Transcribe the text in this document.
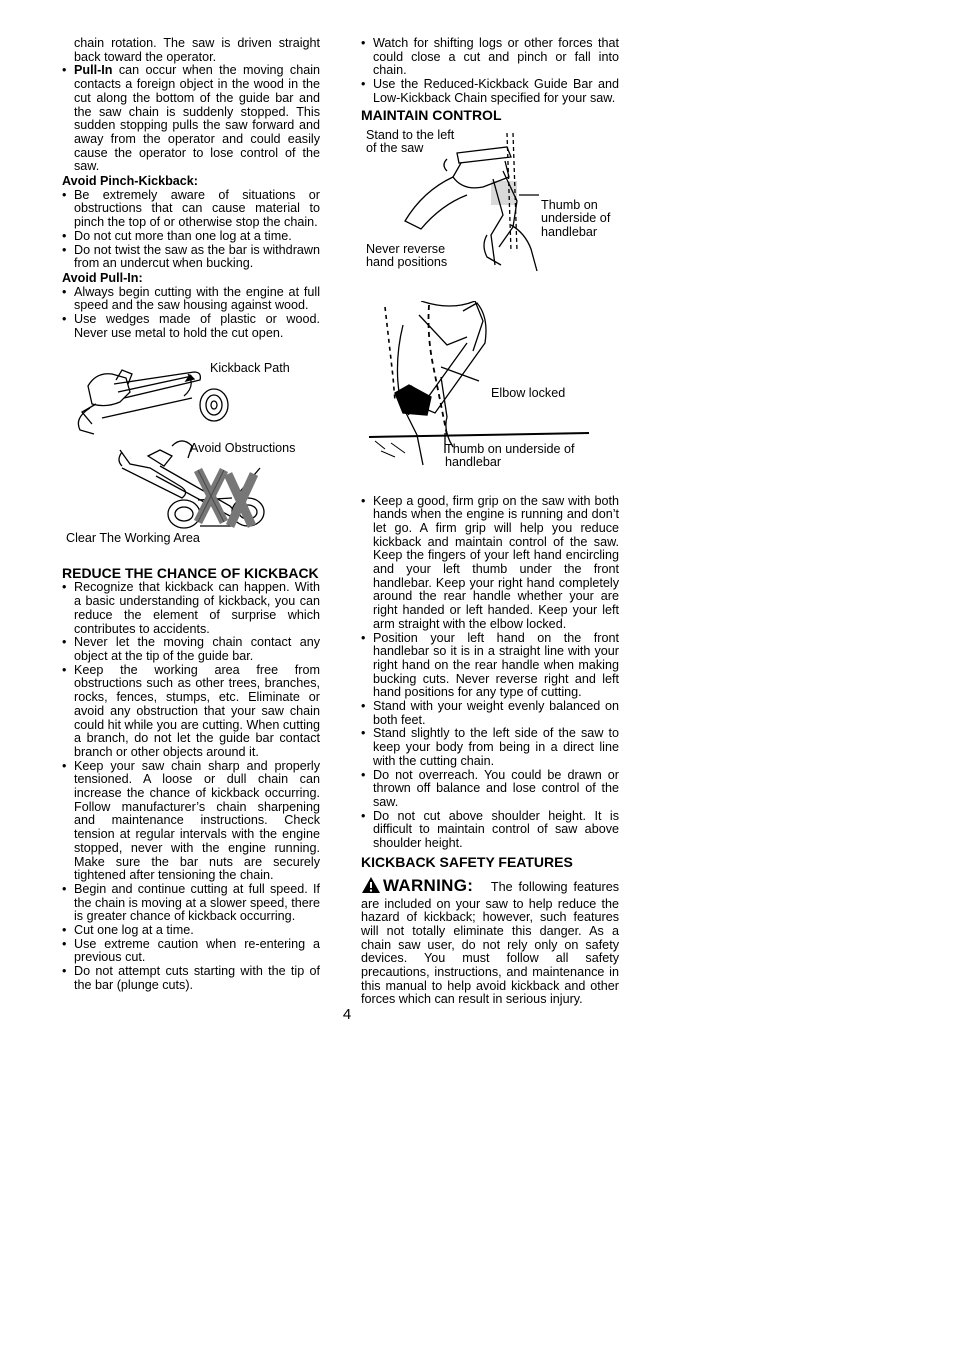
chain rotation. The saw is driven straight back toward the operator.

• Pull-In can occur when the moving chain contacts a foreign object in the wood in the cut along the bottom of the guide bar and the saw chain is suddenly stopped. This sudden stopping pulls the saw forward and away from the operator and could easily cause the operator to lose control of the saw.
Avoid Pinch-Kickback:
• Be extremely aware of situations or obstructions that can cause material to pinch the top of or otherwise stop the chain.
• Do not cut more than one log at a time.
• Do not twist the saw as the bar is withdrawn from an undercut when bucking.
Avoid Pull-In:
• Always begin cutting with the engine at full speed and the saw housing against wood.
• Use wedges made of plastic or wood. Never use metal to hold the cut open.
Kickback Path
Avoid Obstructions
Clear The Working Area
REDUCE THE CHANCE OF KICKBACK
• Recognize that kickback can happen. With a basic understanding of kickback, you can reduce the element of surprise which contributes to accidents.
• Never let the moving chain contact any object at the tip of the guide bar.
• Keep the working area free from obstructions such as other trees, branches, rocks, fences, stumps, etc. Eliminate or avoid any obstruction that your saw chain could hit while you are cutting. When cutting a branch, do not let the guide bar contact branch or other objects around it.
• Keep your saw chain sharp and properly tensioned. A loose or dull chain can increase the chance of kickback occurring. Follow manufacturer’s chain sharpening and maintenance instructions. Check tension at regular intervals with the engine stopped, never with the engine running. Make sure the bar nuts are securely tightened after tensioning the chain.
• Begin and continue cutting at full speed. If the chain is moving at a slower speed, there is greater chance of kickback occurring.
• Cut one log at a time.
• Use extreme caution when re-entering a previous cut.
• Do not attempt cuts starting with the tip of the bar (plunge cuts).
• Watch for shifting logs or other forces that could close a cut and pinch or fall into chain.
• Use the Reduced-Kickback Guide Bar and Low-Kickback Chain specified for your saw.
MAINTAIN CONTROL
Stand to the left of the saw
Thumb on underside of handlebar
Never reverse hand positions
Elbow locked
Thumb on underside of handlebar
• Keep a good, firm grip on the saw with both hands when the engine is running and don’t let go. A firm grip will help you reduce kickback and maintain control of the saw. Keep the fingers of your left hand encircling and your left thumb under the front handlebar. Keep your right hand completely around the rear handle whether your are right handed or left handed. Keep your left arm straight with the elbow locked.
• Position your left hand on the front handlebar so it is in a straight line with your right hand on the rear handle when making bucking cuts. Never reverse right and left hand positions for any type of cutting.
• Stand with your weight evenly balanced on both feet.
• Stand slightly to the left side of the saw to keep your body from being in a direct line with the cutting chain.
• Do not overreach. You could be drawn or thrown off balance and lose control of the saw.
• Do not cut above shoulder height. It is difficult to maintain control of saw above shoulder height.
KICKBACK SAFETY FEATURES

WARNING: The following features are included on your saw to help reduce the hazard of kickback; however, such features will not totally eliminate this danger. As a chain saw user, do not rely only on safety devices. You must follow all safety precautions, instructions, and maintenance in this manual to help avoid kickback and other forces which can result in serious injury.

4
